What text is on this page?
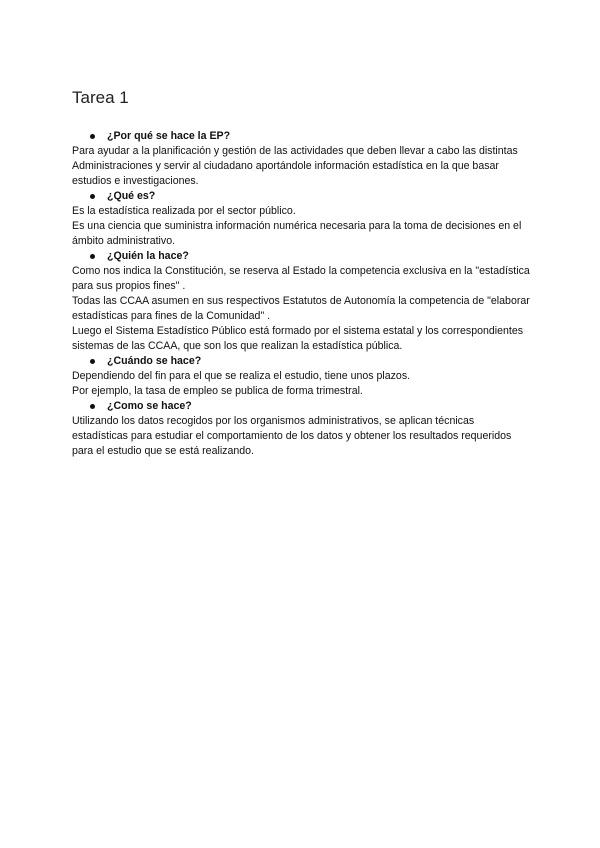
Tarea 1

¿Por qué se hace la EP?

Para ayudar a la planificación y gestión de las actividades que deben llevar a cabo las distintas Administraciones y servir al ciudadano aportándole información estadística en la que basar estudios e investigaciones.

¿Qué es?

Es la estadística realizada por el sector público.

Es una ciencia que suministra información numérica necesaria para la toma de decisiones en el ámbito administrativo.

¿Quién la hace?

Como nos indica la Constitución, se reserva al Estado la competencia exclusiva en la "estadística para sus propios fines" .

Todas las CCAA asumen en sus respectivos Estatutos de Autonomía la competencia de "elaborar estadísticas para fines de la Comunidad" .

Luego el Sistema Estadístico Público está formado por el sistema estatal y los correspondientes sistemas de las CCAA, que son los que realizan la estadística pública.

¿Cuándo se hace?

Dependiendo del fin para el que se realiza el estudio, tiene unos plazos.

Por ejemplo, la tasa de empleo se publica de forma trimestral.

¿Como se hace?

Utilizando los datos recogidos por los organismos administrativos, se aplican técnicas estadísticas para estudiar el comportamiento de los datos y obtener los resultados requeridos para el estudio que se está realizando.
